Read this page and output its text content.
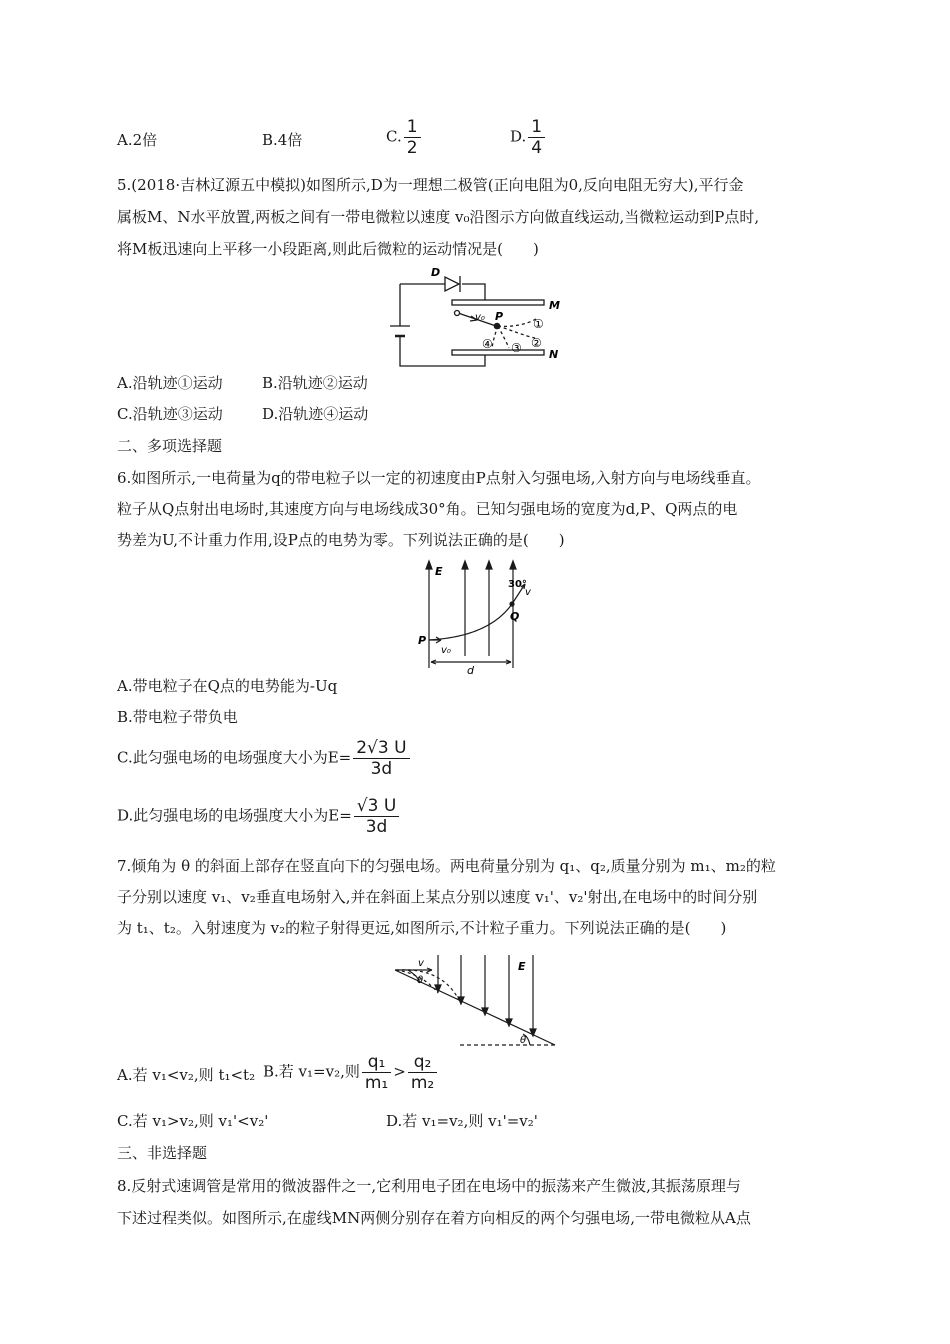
A.2倍	B.4倍	C. $\frac{1}{2}$	D. $\frac{1}{4}$
5.(2018·吉林辽源五中模拟)如图所示,D为一理想二极管(正向电阻为0,反向电阻无穷大),平行金
属板M、N水平放置,两板之间有一带电微粒以速度 v₀沿图示方向做直线运动,当微粒运动到P点时,
将M板迅速向上平移一小段距离,则此后微粒的运动情况是(　　)
D
M
N
v₀ P
①
②
③
④
A.沿轨迹①运动	B.沿轨迹②运动
C.沿轨迹③运动	D.沿轨迹④运动
二、多项选择题
6.如图所示,一电荷量为q的带电粒子以一定的初速度由P点射入匀强电场,入射方向与电场线垂直。
粒子从Q点射出电场时,其速度方向与电场线成30°角。已知匀强电场的宽度为d,P、Q两点的电
势差为U,不计重力作用,设P点的电势为零。下列说法正确的是(　　)
E
30°
v
Q
P
v₀
d
A.带电粒子在Q点的电势能为-Uq
B.带电粒子带负电
C.此匀强电场的电场强度大小为$E= \frac{2√3 U}{3d}$
D.此匀强电场的电场强度大小为$E= \frac{√3 U}{3d}$
7.倾角为 θ 的斜面上部存在竖直向下的匀强电场。两电荷量分别为 q₁、q₂,质量分别为 m₁、m₂的粒
子分别以速度 v₁、v₂垂直电场射入,并在斜面上某点分别以速度 v₁'、v₂'射出,在电场中的时间分别
为 t₁、t₂。入射速度为 v₂的粒子射得更远,如图所示,不计粒子重力。下列说法正确的是(　　)
v
θ
E
θ
A.若 v₁<v₂,则 t₁<t₂ B.若 v₁=v₂,则 $\frac{\text{q₁}}{\text{m₁}} > \frac{\text{q₂}}{\text{m₂}}$
C.若 v₁>v₂,则 v₁'<v₂'	D.若 v₁=v₂,则 v₁'=v₂'
三、非选择题
8.反射式速调管是常用的微波器件之一,它利用电子团在电场中的振荡来产生微波,其振荡原理与
下述过程类似。如图所示,在虚线MN两侧分别存在着方向相反的两个匀强电场,一带电微粒从A点
